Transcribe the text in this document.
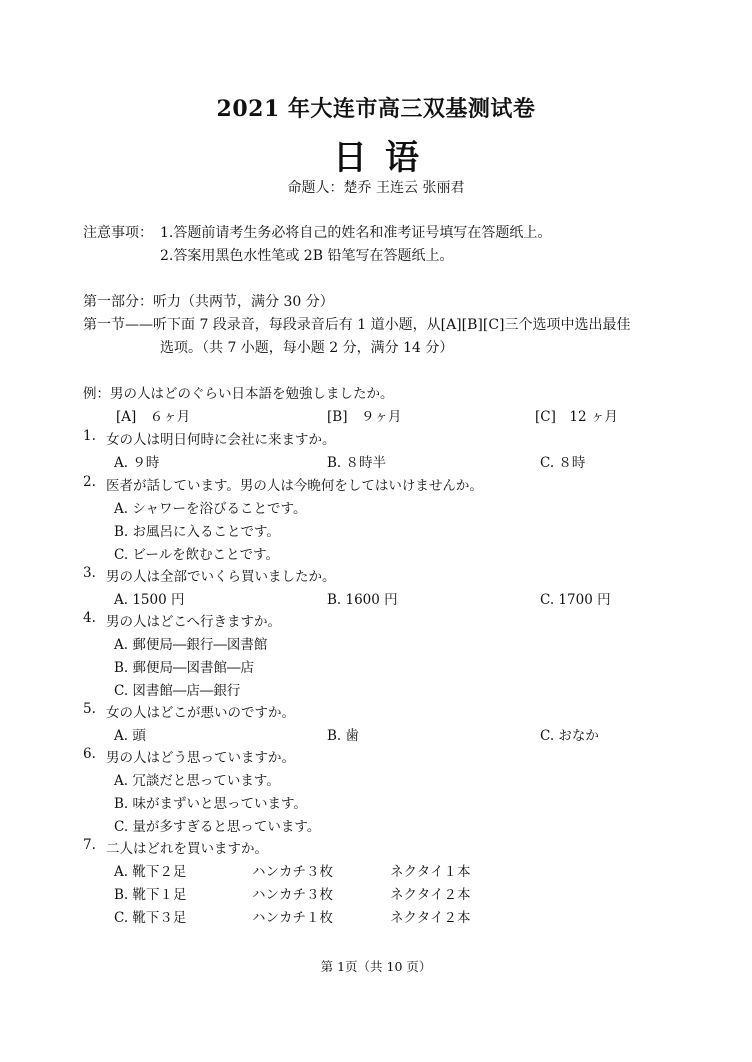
2021 年大连市高三双基测试卷
日语
命题人：楚乔 王连云 张丽君
注意事项： 1.答题前请考生务必将自己的姓名和准考证号填写在答题纸上。
2.答案用黑色水性笔或 2B 铅笔写在答题纸上。
第一部分：听力（共两节，满分 30 分）
第一节——听下面 7 段录音，每段录音后有 1 道小题，从[A][B][C]三个选项中选出最佳
选项。（共 7 小题，每小题 2 分，满分 14 分）
例：男の人はどのぐらい日本語を勉強しましたか。
[A]　６ヶ月	[B]　９ヶ月	[C]　12 ヶ月
1. 女の人は明日何時に会社に来ますか。
A. ９時	B. ８時半	C. ８時
2. 医者が話しています。男の人は今晩何をしてはいけませんか。
A. シャワーを浴びることです。
B. お風呂に入ることです。
C. ビールを飲むことです。
3. 男の人は全部でいくら買いましたか。
A. 1500 円	B. 1600 円	C. 1700 円
4. 男の人はどこへ行きますか。
A. 郵便局―銀行―図書館
B. 郵便局―図書館―店
C. 図書館―店―銀行
5. 女の人はどこが悪いのですか。
A. 頭	B. 歯	C. おなか
6. 男の人はどう思っていますか。
A. 冗談だと思っています。
B. 味がまずいと思っています。
C. 量が多すぎると思っています。
7. 二人はどれを買いますか。
A. 靴下２足	ハンカチ３枚	ネクタイ１本
B. 靴下１足	ハンカチ３枚	ネクタイ２本
C. 靴下３足	ハンカチ１枚	ネクタイ２本
第 1页（共 10 页）
